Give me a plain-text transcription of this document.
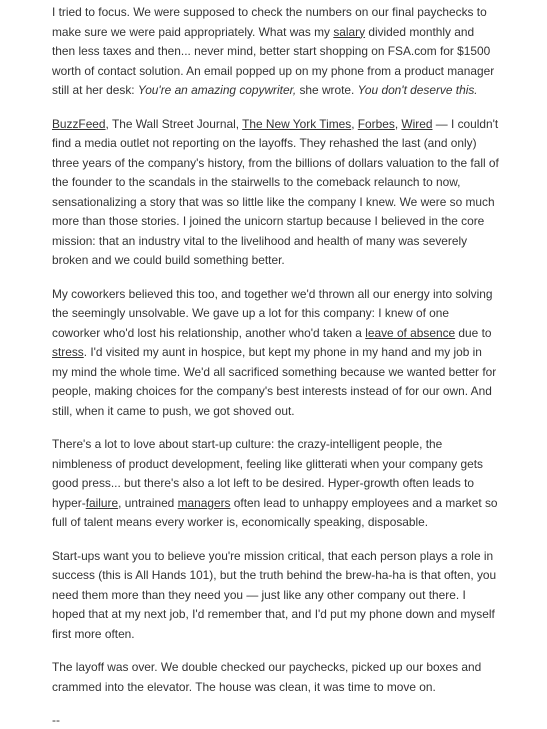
I tried to focus. We were supposed to check the numbers on our final paychecks to make sure we were paid appropriately. What was my salary divided monthly and then less taxes and then... never mind, better start shopping on FSA.com for $1500 worth of contact solution. An email popped up on my phone from a product manager still at her desk: You're an amazing copywriter, she wrote. You don't deserve this.

BuzzFeed, The Wall Street Journal, The New York Times, Forbes, Wired — I couldn't find a media outlet not reporting on the layoffs. They rehashed the last (and only) three years of the company's history, from the billions of dollars valuation to the fall of the founder to the scandals in the stairwells to the comeback relaunch to now, sensationalizing a story that was so little like the company I knew. We were so much more than those stories. I joined the unicorn startup because I believed in the core mission: that an industry vital to the livelihood and health of many was severely broken and we could build something better.

My coworkers believed this too, and together we'd thrown all our energy into solving the seemingly unsolvable. We gave up a lot for this company: I knew of one coworker who'd lost his relationship, another who'd taken a leave of absence due to stress. I'd visited my aunt in hospice, but kept my phone in my hand and my job in my mind the whole time. We'd all sacrificed something because we wanted better for people, making choices for the company's best interests instead of for our own. And still, when it came to push, we got shoved out.

There's a lot to love about start-up culture: the crazy-intelligent people, the nimbleness of product development, feeling like glitterati when your company gets good press... but there's also a lot left to be desired. Hyper-growth often leads to hyper-failure, untrained managers often lead to unhappy employees and a market so full of talent means every worker is, economically speaking, disposable.

Start-ups want you to believe you're mission critical, that each person plays a role in success (this is All Hands 101), but the truth behind the brew-ha-ha is that often, you need them more than they need you — just like any other company out there. I hoped that at my next job, I'd remember that, and I'd put my phone down and myself first more often.

The layoff was over. We double checked our paychecks, picked up our boxes and crammed into the elevator. The house was clean, it was time to move on.

--
